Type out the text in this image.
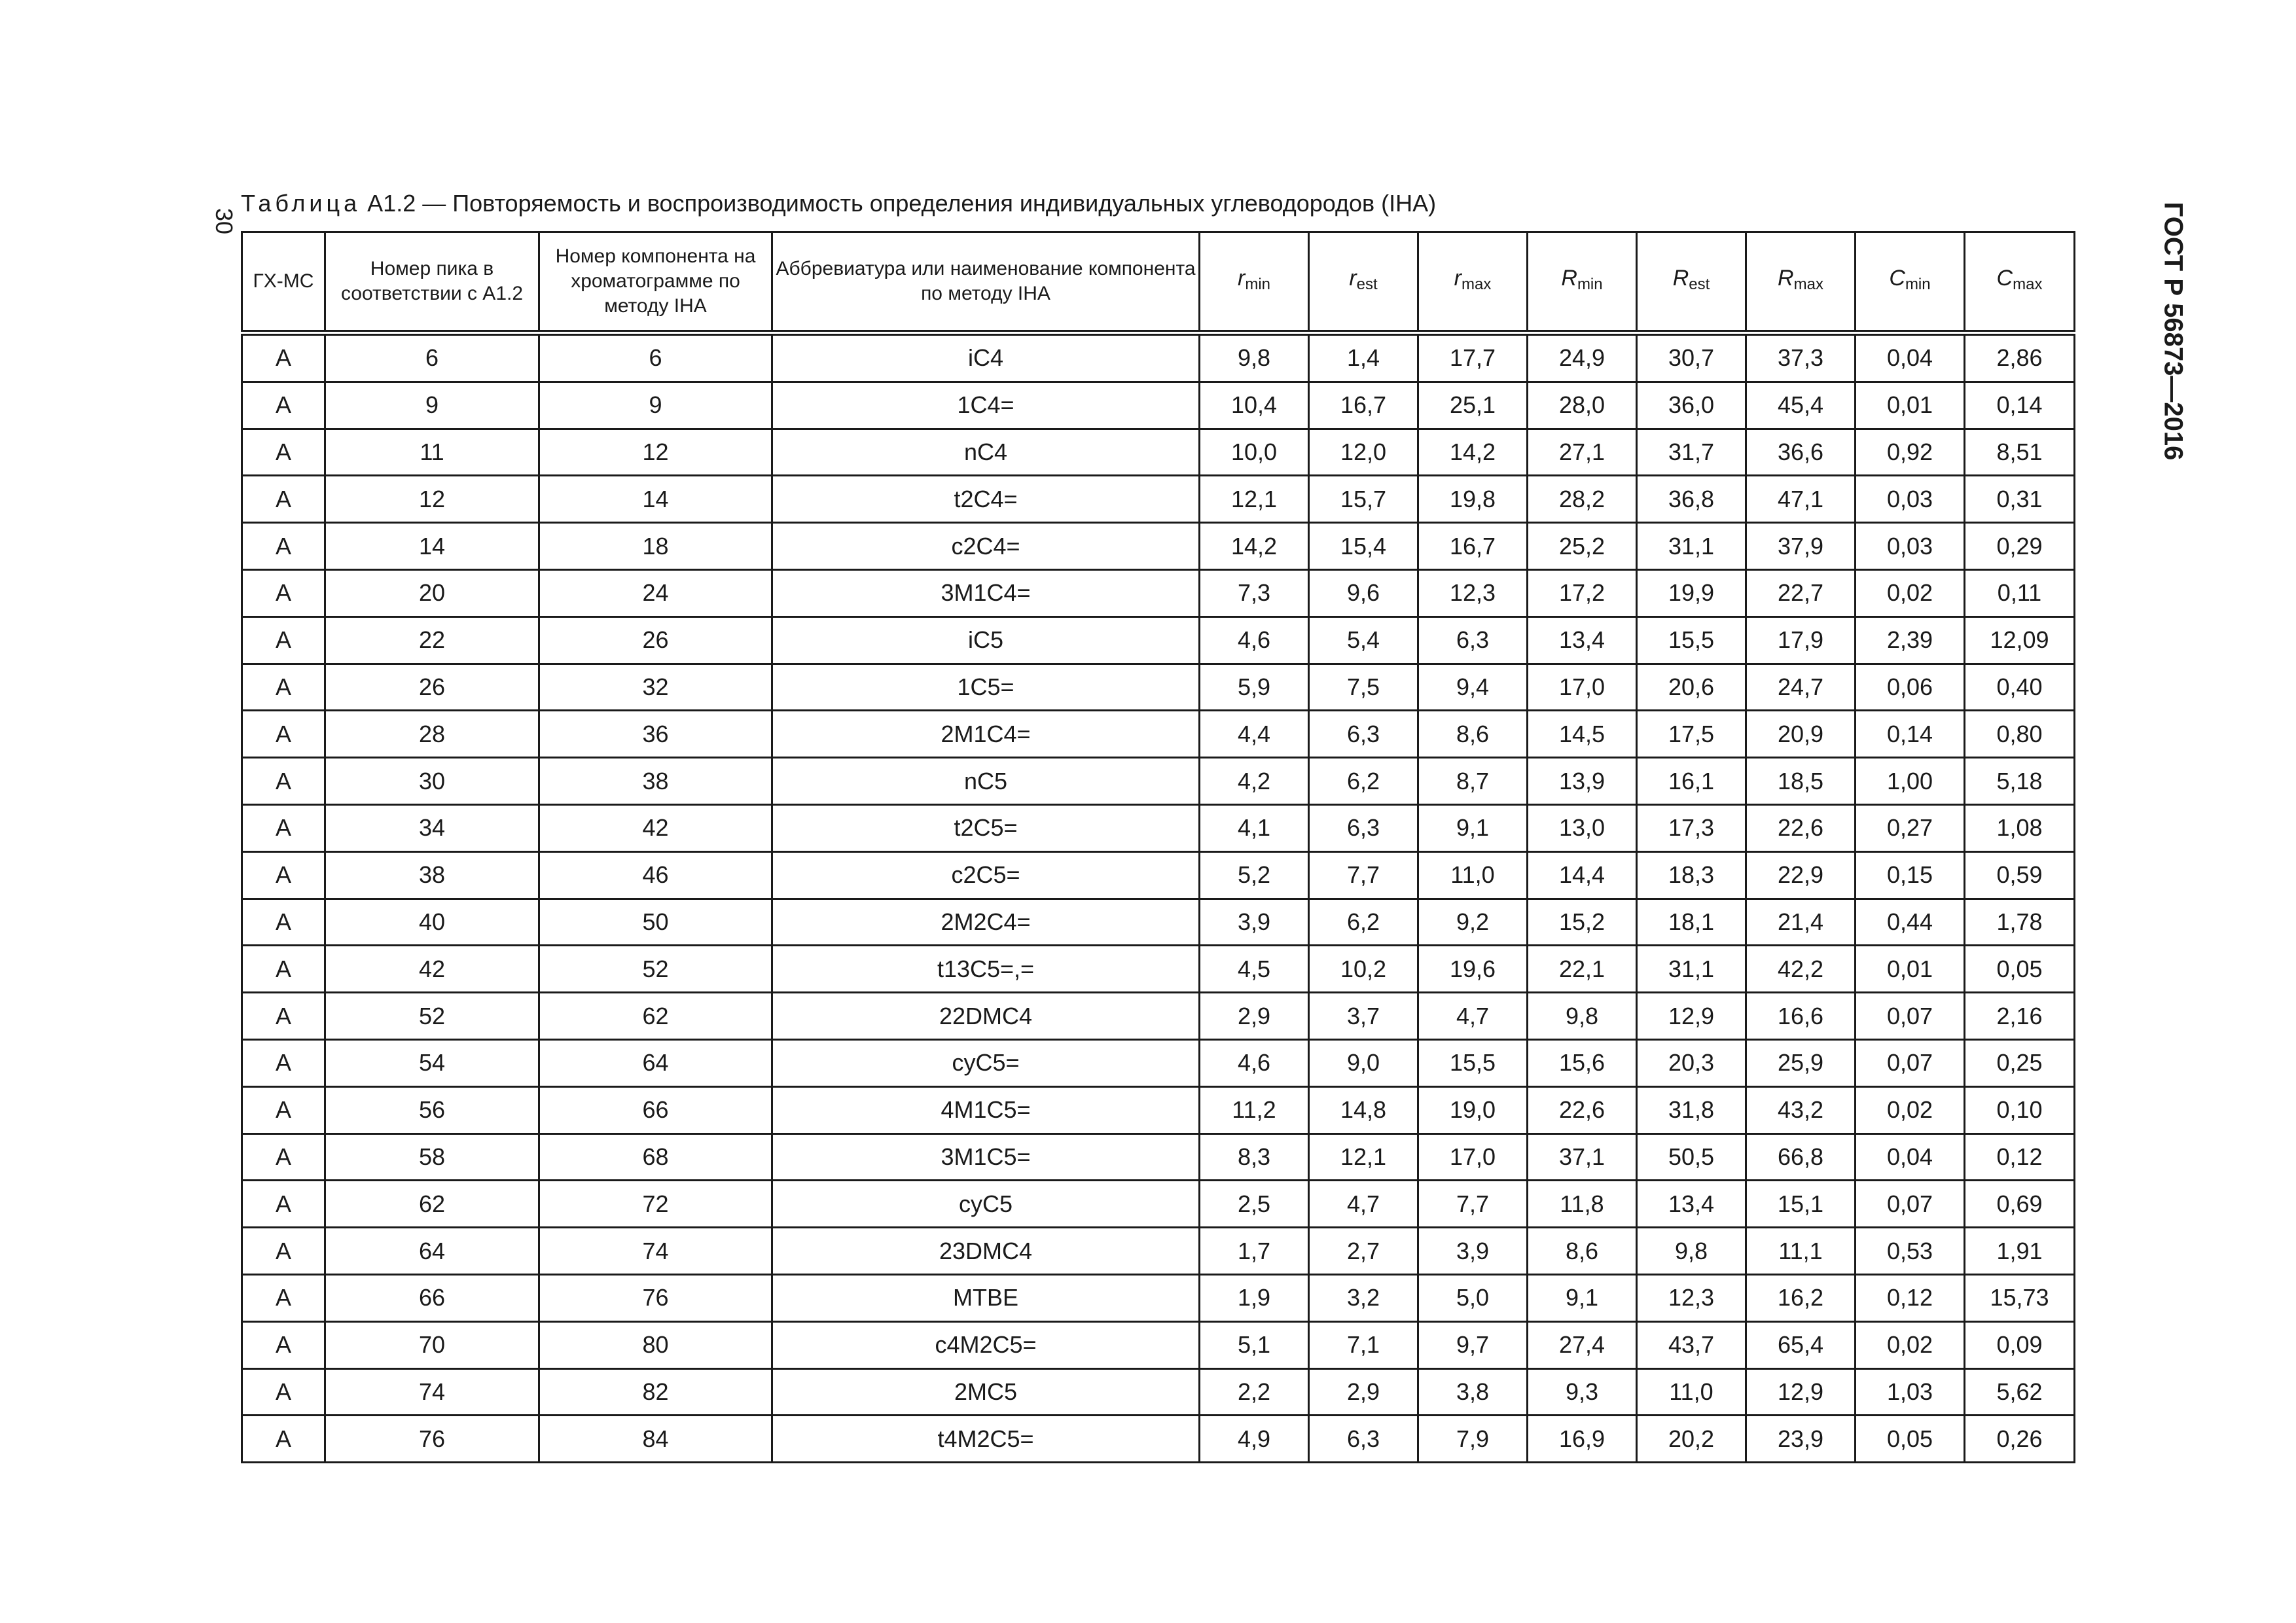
30	ГОСТ Р 56873—2016
Таблица А1.2 — Повторяемость и воспроизводимость определения индивидуальных углеводородов (IHA)
ГХ-МС	Номер пика в соответствии с А1.2	Номер компонента на хроматограмме по методу IHA	Аббревиатура или наименование компонента по методу IHA	$r_{min}$	$r_{est}$	$r_{max}$	$R_{min}$	$R_{est}$	$R_{max}$	$C_{min}$	$C_{max}$
А	6	6	iC4	9,8	1,4	17,7	24,9	30,7	37,3	0,04	2,86
А	9	9	1C4=	10,4	16,7	25,1	28,0	36,0	45,4	0,01	0,14
А	11	12	nC4	10,0	12,0	14,2	27,1	31,7	36,6	0,92	8,51
А	12	14	t2C4=	12,1	15,7	19,8	28,2	36,8	47,1	0,03	0,31
А	14	18	c2C4=	14,2	15,4	16,7	25,2	31,1	37,9	0,03	0,29
А	20	24	3M1C4=	7,3	9,6	12,3	17,2	19,9	22,7	0,02	0,11
А	22	26	iC5	4,6	5,4	6,3	13,4	15,5	17,9	2,39	12,09
А	26	32	1C5=	5,9	7,5	9,4	17,0	20,6	24,7	0,06	0,40
А	28	36	2M1C4=	4,4	6,3	8,6	14,5	17,5	20,9	0,14	0,80
А	30	38	nC5	4,2	6,2	8,7	13,9	16,1	18,5	1,00	5,18
А	34	42	t2C5=	4,1	6,3	9,1	13,0	17,3	22,6	0,27	1,08
А	38	46	c2C5=	5,2	7,7	11,0	14,4	18,3	22,9	0,15	0,59
А	40	50	2M2C4=	3,9	6,2	9,2	15,2	18,1	21,4	0,44	1,78
А	42	52	t13C5=,=	4,5	10,2	19,6	22,1	31,1	42,2	0,01	0,05
А	52	62	22DMC4	2,9	3,7	4,7	9,8	12,9	16,6	0,07	2,16
А	54	64	cyC5=	4,6	9,0	15,5	15,6	20,3	25,9	0,07	0,25
А	56	66	4M1C5=	11,2	14,8	19,0	22,6	31,8	43,2	0,02	0,10
А	58	68	3M1C5=	8,3	12,1	17,0	37,1	50,5	66,8	0,04	0,12
А	62	72	cyC5	2,5	4,7	7,7	11,8	13,4	15,1	0,07	0,69
А	64	74	23DMC4	1,7	2,7	3,9	8,6	9,8	11,1	0,53	1,91
А	66	76	MTBE	1,9	3,2	5,0	9,1	12,3	16,2	0,12	15,73
А	70	80	c4M2C5=	5,1	7,1	9,7	27,4	43,7	65,4	0,02	0,09
А	74	82	2MC5	2,2	2,9	3,8	9,3	11,0	12,9	1,03	5,62
А	76	84	t4M2C5=	4,9	6,3	7,9	16,9	20,2	23,9	0,05	0,26
